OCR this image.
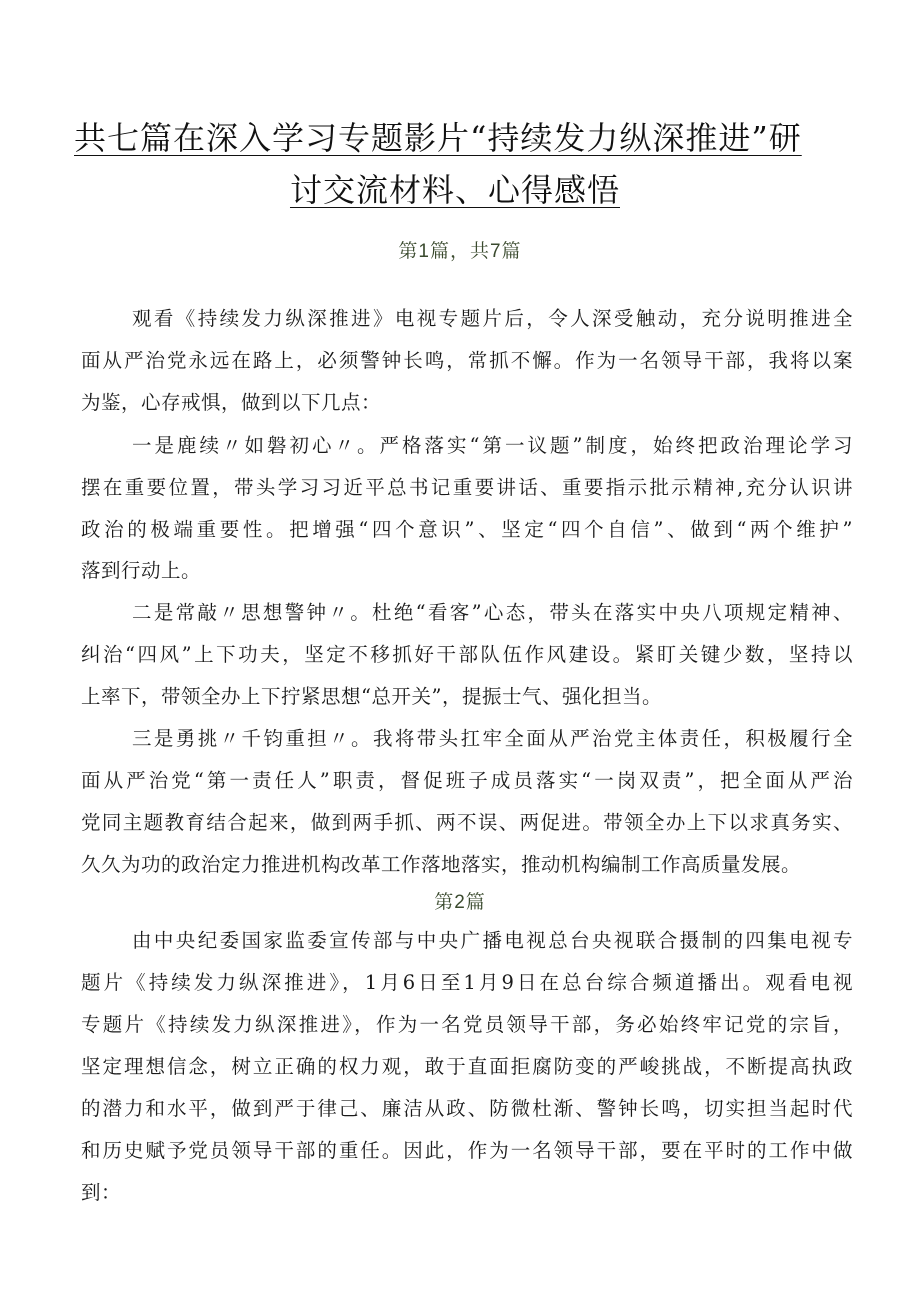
共七篇在深入学习专题影片“持续发力纵深推进”研
讨交流材料、心得感悟
第1篇，共7篇
观看《持续发力纵深推进》电视专题片后，令人深受触动，充分说明推进全
面从严治党永远在路上，必须警钟长鸣，常抓不懈。作为一名领导干部，我将以案
为鉴，心存戒惧，做到以下几点：
一是鹿续〃如磐初心〃。严格落实“第一议题”制度，始终把政治理论学习
摆在重要位置，带头学习习近平总书记重要讲话、重要指示批示精神,充分认识讲
政治的极端重要性。把增强“四个意识”、坚定“四个自信”、做到“两个维护”
落到行动上。
二是常敲〃思想警钟〃。杜绝“看客”心态，带头在落实中央八项规定精神、
纠治“四风”上下功夫，坚定不移抓好干部队伍作风建设。紧盯关键少数，坚持以
上率下，带领全办上下拧紧思想“总开关”，提振士气、强化担当。
三是勇挑〃千钧重担〃。我将带头扛牢全面从严治党主体责任，积极履行全
面从严治党“第一责任人”职责，督促班子成员落实“一岗双责”，把全面从严治
党同主题教育结合起来，做到两手抓、两不误、两促进。带领全办上下以求真务实、
久久为功的政治定力推进机构改革工作落地落实，推动机构编制工作高质量发展。
第2篇
由中央纪委国家监委宣传部与中央广播电视总台央视联合摄制的四集电视专
题片《持续发力纵深推进》，1月6日至1月9日在总台综合频道播出。观看电视
专题片《持续发力纵深推进》，作为一名党员领导干部，务必始终牢记党的宗旨，
坚定理想信念，树立正确的权力观，敢于直面拒腐防变的严峻挑战，不断提高执政
的潜力和水平，做到严于律己、廉洁从政、防微杜渐、警钟长鸣，切实担当起时代
和历史赋予党员领导干部的重任。因此，作为一名领导干部，要在平时的工作中做
到：
